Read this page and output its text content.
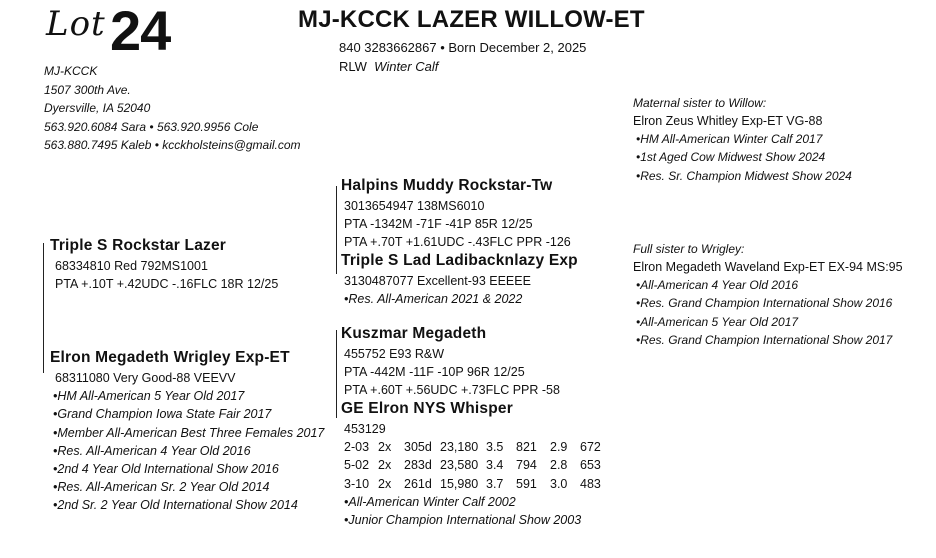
Lot 24	MJ-KCCK LAZER WILLOW-ET
840 3283662867 • Born December 2, 2025
RLW Winter Calf
MJ-KCCK
1507 300th Ave.
Dyersville, IA 52040
563.920.6084 Sara • 563.920.9956 Cole
563.880.7495 Kaleb • kcckholsteins@gmail.com
Triple S Rockstar Lazer
68334810 Red 792MS1001
PTA +.10T +.42UDC -.16FLC 18R 12/25
Elron Megadeth Wrigley Exp-ET
68311080 Very Good-88 VEEVV
•HM All-American 5 Year Old 2017
•Grand Champion Iowa State Fair 2017
•Member All-American Best Three Females 2017
•Res. All-American 4 Year Old 2016
•2nd 4 Year Old International Show 2016
•Res. All-American Sr. 2 Year Old 2014
•2nd Sr. 2 Year Old International Show 2014
Halpins Muddy Rockstar-Tw
3013654947 138MS6010
PTA -1342M -71F -41P 85R 12/25
PTA +.70T +1.61UDC -.43FLC PPR -126
Triple S Lad Ladibacknlazy Exp
3130487077 Excellent-93 EEEEE
•Res. All-American 2021 & 2022
Kuszmar Megadeth
455752 E93 R&W
PTA -442M -11F -10P 96R 12/25
PTA +.60T +.56UDC +.73FLC PPR -58
GE Elron NYS Whisper
453129
2-03 2x 305d 23,180 3.5 821 2.9 672
5-02 2x 283d 23,580 3.4 794 2.8 653
3-10 2x 261d 15,980 3.7 591 3.0 483
•All-American Winter Calf 2002
•Junior Champion International Show 2003
Maternal sister to Willow:
Elron Zeus Whitley Exp-ET VG-88
•HM All-American Winter Calf 2017
•1st Aged Cow Midwest Show 2024
•Res. Sr. Champion Midwest Show 2024
Full sister to Wrigley:
Elron Megadeth Waveland Exp-ET EX-94 MS:95
•All-American 4 Year Old 2016
•Res. Grand Champion International Show 2016
•All-American 5 Year Old 2017
•Res. Grand Champion International Show 2017
